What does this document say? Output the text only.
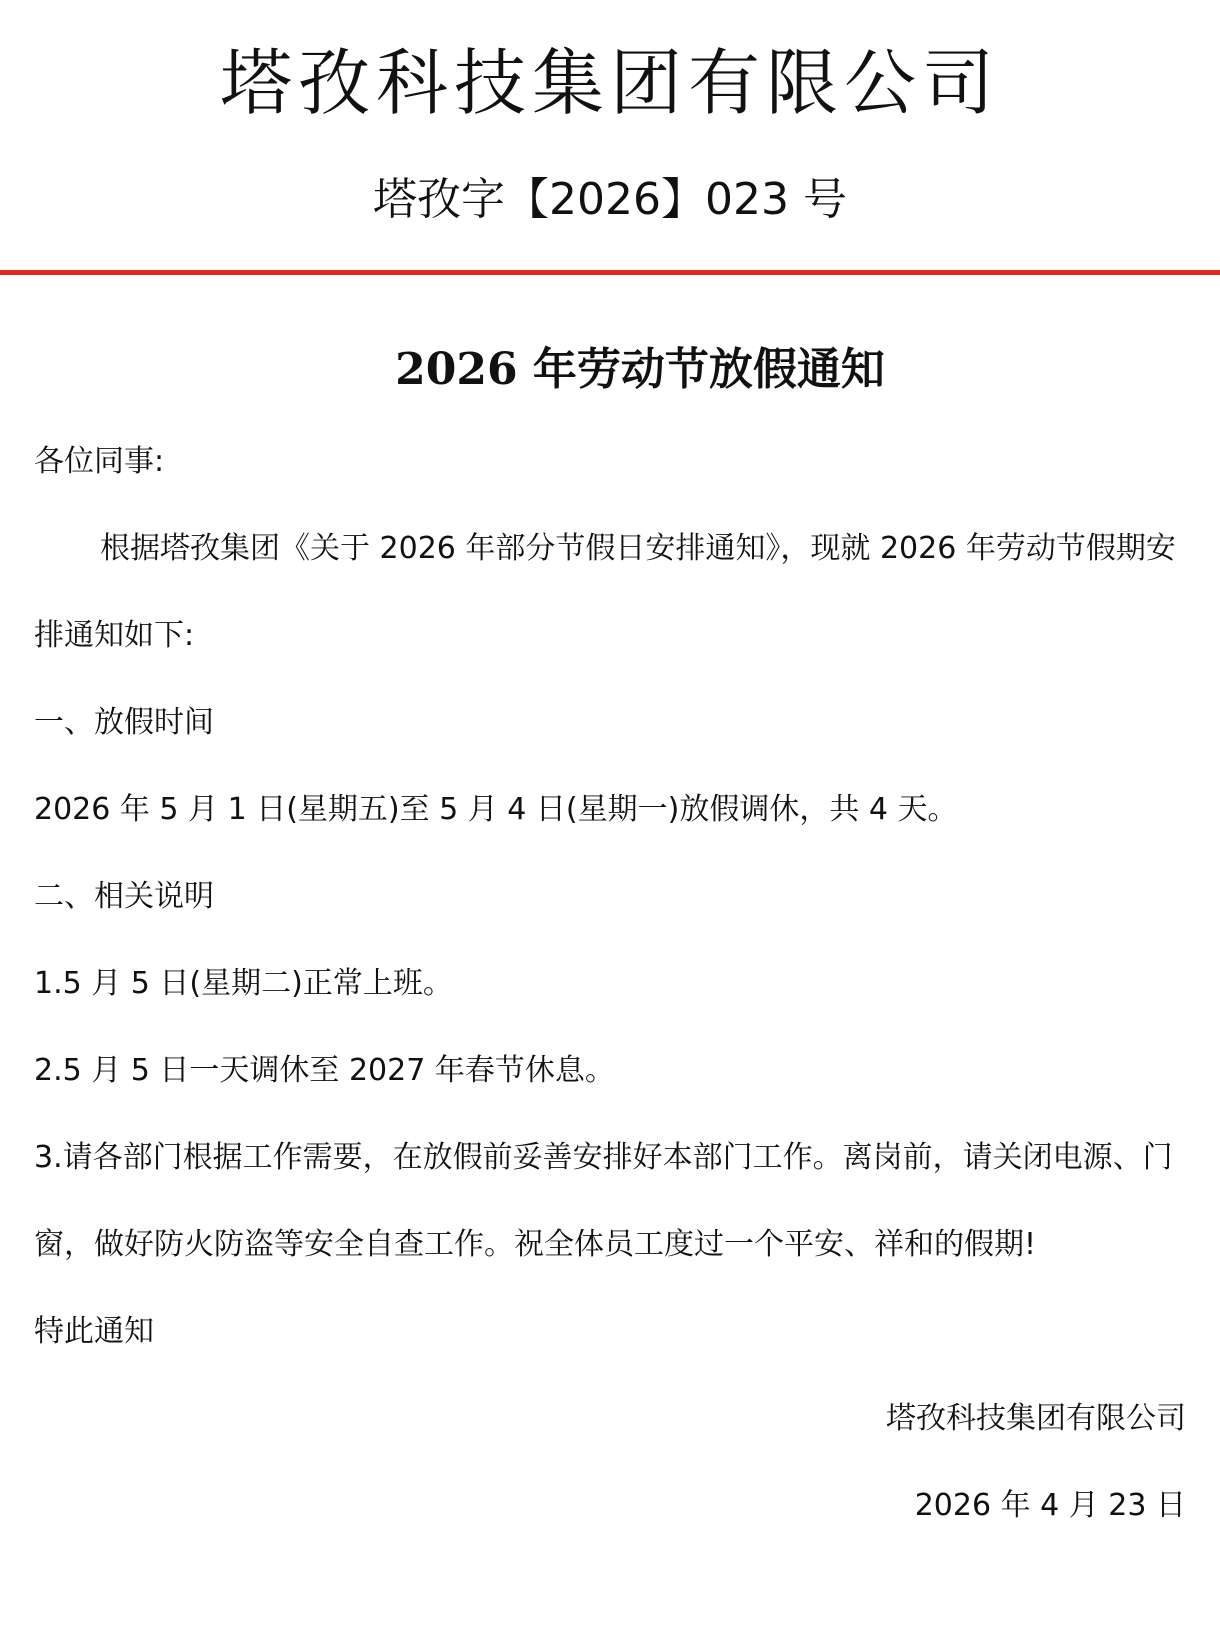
塔孜科技集团有限公司
塔孜字【2026】023 号
2026 年劳动节放假通知

各位同事:

根据塔孜集团《关于 2026 年部分节假日安排通知》，现就 2026 年劳动节假期安排通知如下:

一、放假时间

2026 年 5 月 1 日(星期五)至 5 月 4 日(星期一)放假调休，共 4 天。

二、相关说明

1.5 月 5 日(星期二)正常上班。

2.5 月 5 日一天调休至 2027 年春节休息。

3.请各部门根据工作需要，在放假前妥善安排好本部门工作。离岗前，请关闭电源、门窗，做好防火防盗等安全自查工作。祝全体员工度过一个平安、祥和的假期!

特此通知

塔孜科技集团有限公司

2026 年 4 月 23 日
